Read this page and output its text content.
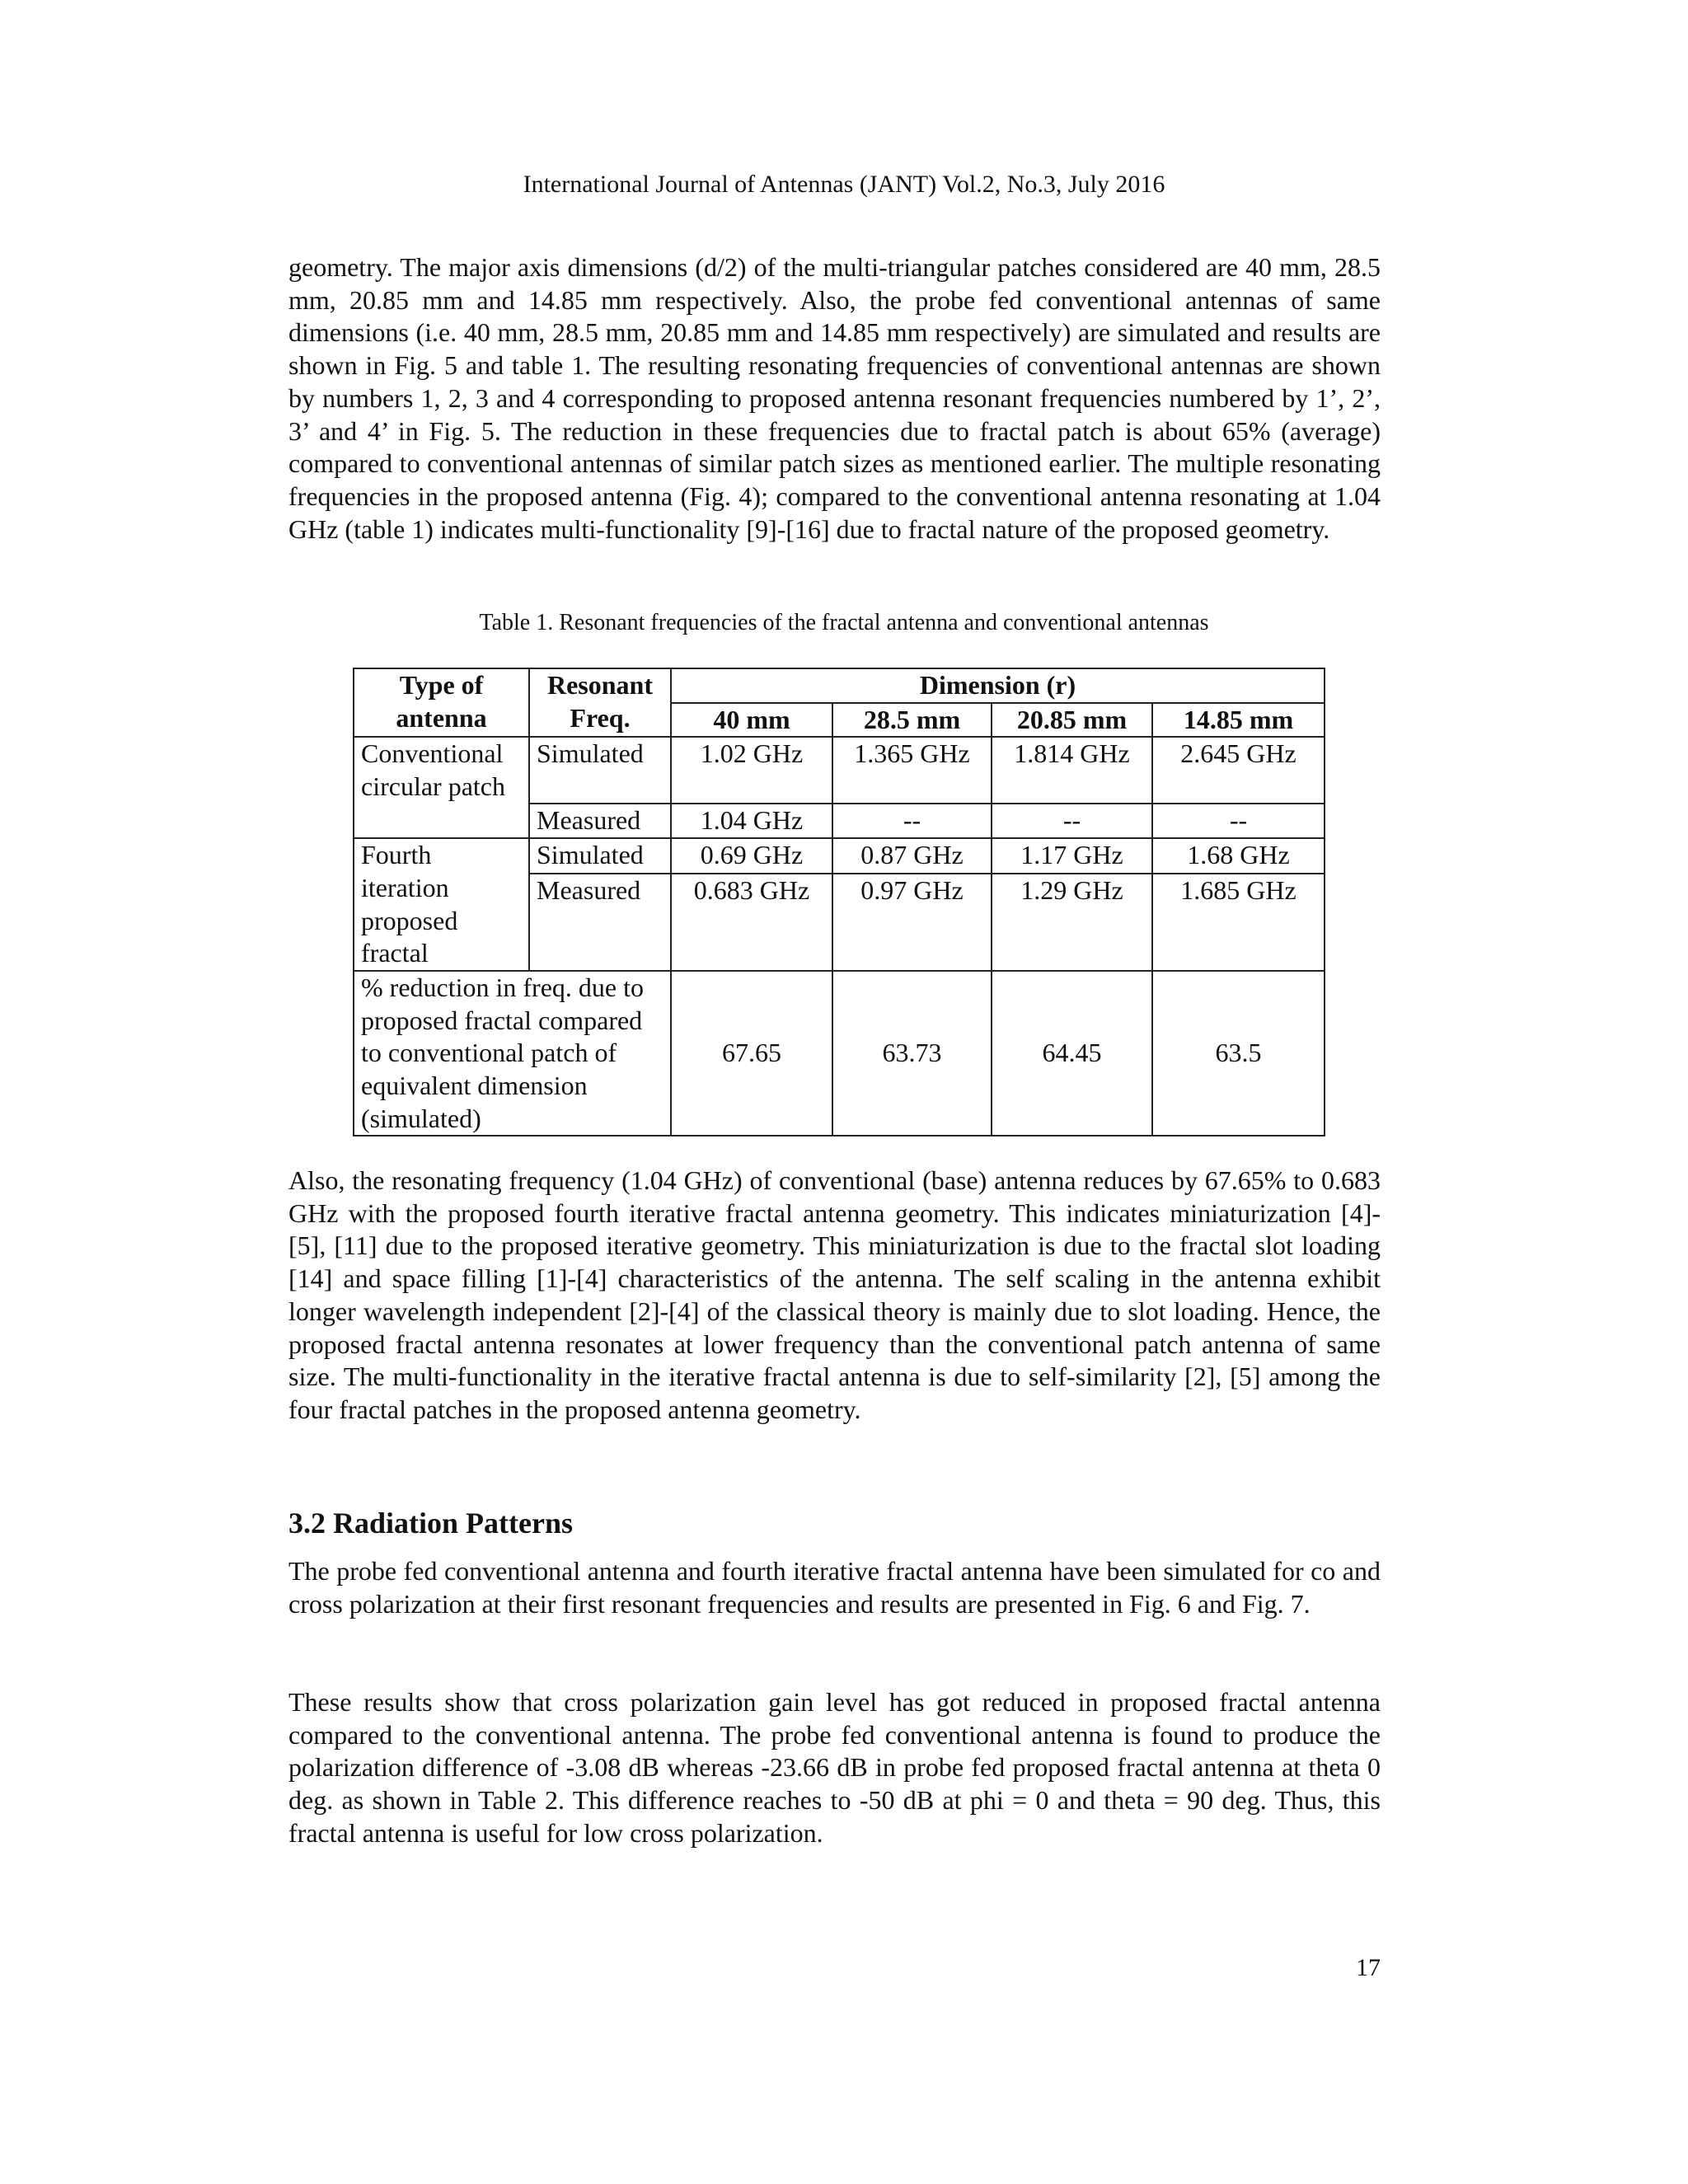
International Journal of Antennas (JANT) Vol.2, No.3, July 2016

geometry. The major axis dimensions (d/2) of the multi-triangular patches considered are 40 mm, 28.5 mm, 20.85 mm and 14.85 mm respectively. Also, the probe fed conventional antennas of same dimensions (i.e. 40 mm, 28.5 mm, 20.85 mm and 14.85 mm respectively) are simulated and results are shown in Fig. 5 and table 1. The resulting resonating frequencies of conventional antennas are shown by numbers 1, 2, 3 and 4 corresponding to proposed antenna resonant frequencies numbered by 1’, 2’, 3’ and 4’ in Fig. 5. The reduction in these frequencies due to fractal patch is about 65% (average) compared to conventional antennas of similar patch sizes as mentioned earlier. The multiple resonating frequencies in the proposed antenna (Fig. 4); compared to the conventional antenna resonating at 1.04 GHz (table 1) indicates multi-functionality [9]-[16] due to fractal nature of the proposed geometry.

Table 1. Resonant frequencies of the fractal antenna and conventional antennas
Type of antenna	Resonant Freq.	Dimension (r)			
		40 mm	28.5 mm	20.85 mm	14.85 mm
Conventional circular patch	Simulated	1.02 GHz	1.365 GHz	1.814 GHz	2.645 GHz
	Measured	1.04 GHz	--	--	--
Fourth iteration proposed fractal	Simulated	0.69 GHz	0.87 GHz	1.17 GHz	1.68 GHz
	Measured	0.683 GHz	0.97 GHz	1.29 GHz	1.685 GHz
% reduction in freq. due to proposed fractal compared to conventional patch of equivalent dimension (simulated)		67.65	63.73	64.45	63.5

Also, the resonating frequency (1.04 GHz) of conventional (base) antenna reduces by 67.65% to 0.683 GHz with the proposed fourth iterative fractal antenna geometry. This indicates miniaturization [4]- [5], [11] due to the proposed iterative geometry. This miniaturization is due to the fractal slot loading [14] and space filling [1]-[4] characteristics of the antenna. The self scaling in the antenna exhibit longer wavelength independent [2]-[4] of the classical theory is mainly due to slot loading. Hence, the proposed fractal antenna resonates at lower frequency than the conventional patch antenna of same size. The multi-functionality in the iterative fractal antenna is due to self-similarity [2], [5] among the four fractal patches in the proposed antenna geometry.

3.2 Radiation Patterns

The probe fed conventional antenna and fourth iterative fractal antenna have been simulated for co and cross polarization at their first resonant frequencies and results are presented in Fig. 6 and Fig. 7.

These results show that cross polarization gain level has got reduced in proposed fractal antenna compared to the conventional antenna. The probe fed conventional antenna is found to produce the polarization difference of -3.08 dB whereas -23.66 dB in probe fed proposed fractal antenna at theta 0 deg. as shown in Table 2. This difference reaches to -50 dB at phi = 0 and theta = 90 deg. Thus, this fractal antenna is useful for low cross polarization.

17
